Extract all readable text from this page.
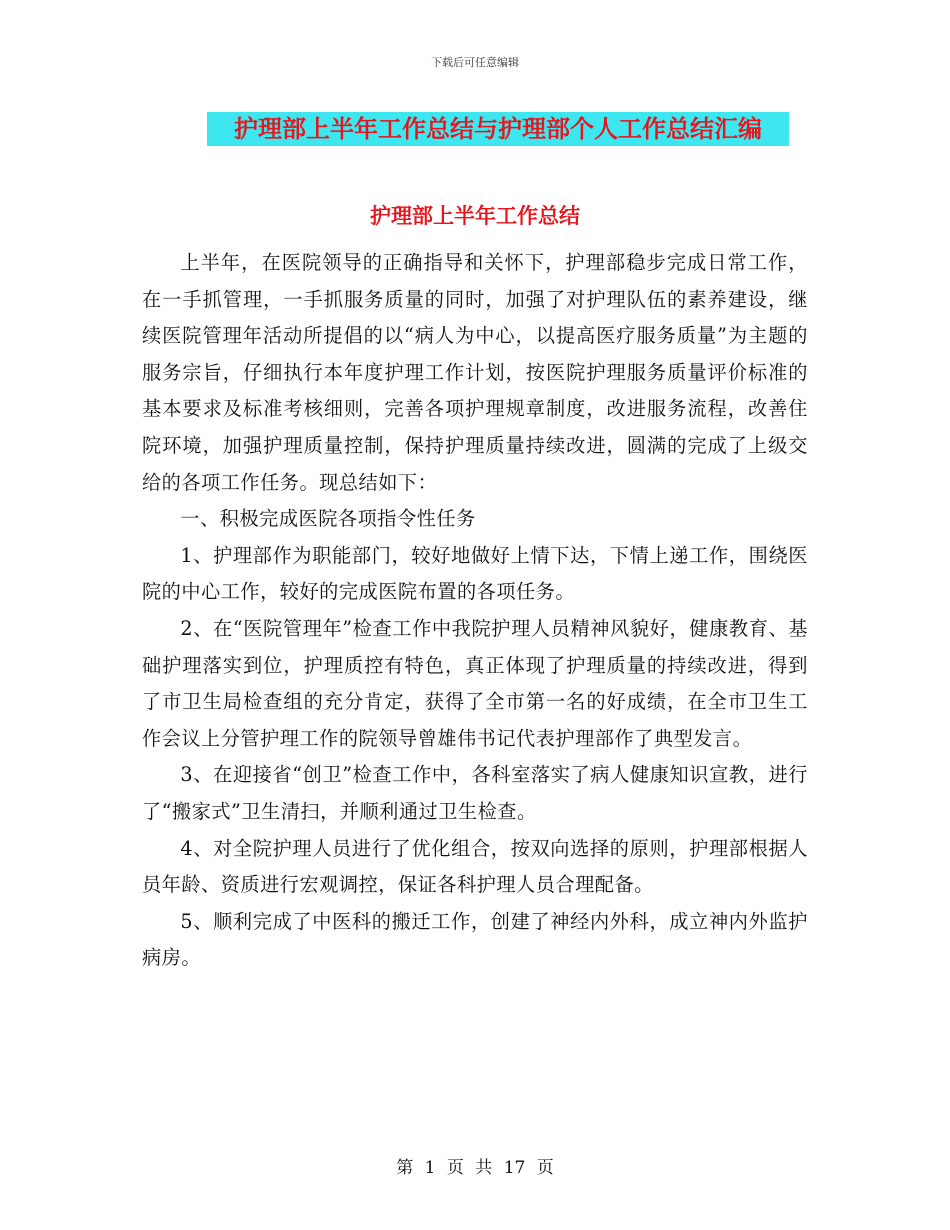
下载后可任意编辑
护理部上半年工作总结与护理部个人工作总结汇编
护理部上半年工作总结

上半年，在医院领导的正确指导和关怀下，护理部稳步完成日常工作，在一手抓管理，一手抓服务质量的同时，加强了对护理队伍的素养建设，继续医院管理年活动所提倡的以“病人为中心，以提高医疗服务质量”为主题的服务宗旨，仔细执行本年度护理工作计划，按医院护理服务质量评价标准的基本要求及标准考核细则，完善各项护理规章制度，改进服务流程，改善住院环境，加强护理质量控制，保持护理质量持续改进，圆满的完成了上级交给的各项工作任务。现总结如下：

一、积极完成医院各项指令性任务

1、护理部作为职能部门，较好地做好上情下达，下情上递工作，围绕医院的中心工作，较好的完成医院布置的各项任务。

2、在“医院管理年”检查工作中我院护理人员精神风貌好，健康教育、基础护理落实到位，护理质控有特色，真正体现了护理质量的持续改进，得到了市卫生局检查组的充分肯定，获得了全市第一名的好成绩，在全市卫生工作会议上分管护理工作的院领导曾雄伟书记代表护理部作了典型发言。

3、在迎接省“创卫”检查工作中，各科室落实了病人健康知识宣教，进行了“搬家式”卫生清扫，并顺利通过卫生检查。

4、对全院护理人员进行了优化组合，按双向选择的原则，护理部根据人员年龄、资质进行宏观调控，保证各科护理人员合理配备。

5、顺利完成了中医科的搬迁工作，创建了神经内外科，成立神内外监护病房。

第 1 页 共 17 页
